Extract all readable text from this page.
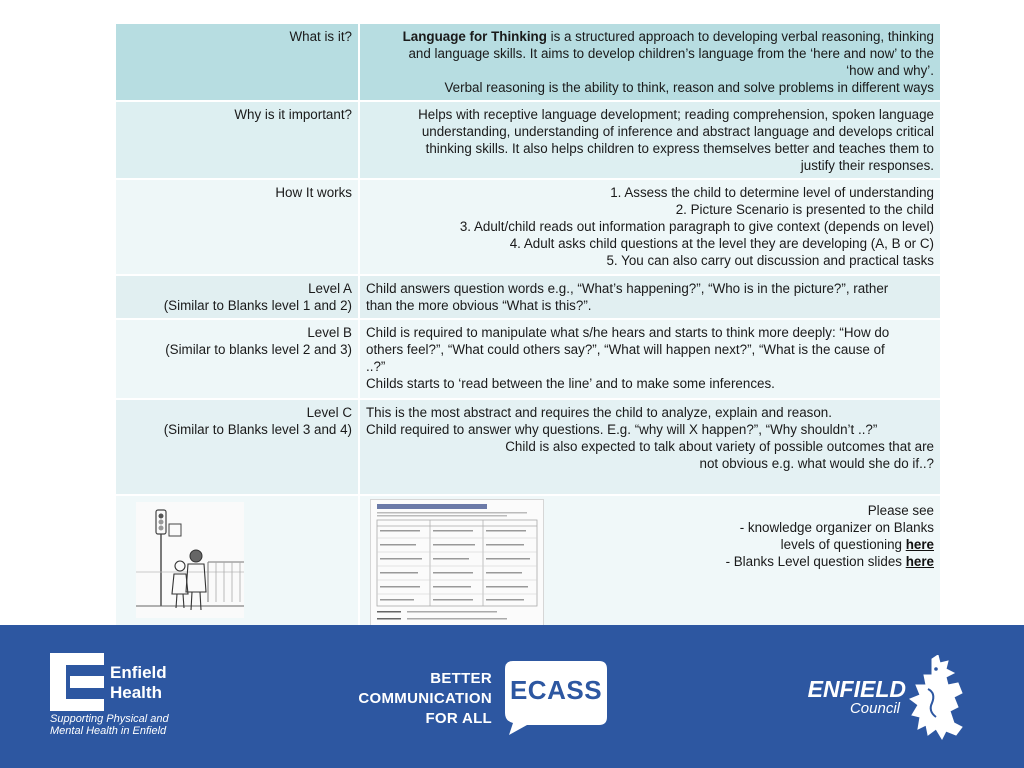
What is it?	Language for Thinking is a structured approach to developing verbal reasoning, thinking
and language skills. It aims to develop children’s language from the ‘here and now’ to the
‘how and why’.
Verbal reasoning is the ability to think, reason and solve problems in different ways

Why is it important?	Helps with receptive language development; reading comprehension, spoken language
understanding, understanding of inference and abstract language and develops critical
thinking skills. It also helps children to express themselves better and teaches them to
justify their responses.

How It works	1. Assess the child to determine level of understanding
2. Picture Scenario is presented to the child
3. Adult/child reads out information paragraph to give context (depends on level)
4. Adult asks child questions at the level they are developing (A, B or C)
5. You can also carry out discussion and practical tasks

Level A
(Similar to Blanks level 1 and 2)	Child answers question words e.g., “What’s happening?”, “Who is in the picture?”, rather
than the more obvious “What is this?”.

Level B
(Similar to blanks level 2 and 3)	Child is required to manipulate what s/he hears and starts to think more deeply: “How do
others feel?”, “What could others say?”, “What will happen next?”, “What is the cause of
..?”
Childs starts to ‘read between the line’ and to make some inferences.

Level C
(Similar to Blanks level 3 and 4)	This is the most abstract and requires the child to analyze, explain and reason.
Child required to answer why questions. E.g. “why will X happen?”, “Why shouldn’t ..?”
Child is also expected to talk about variety of possible outcomes that are
not obvious e.g. what would she do if..?

Please see
- knowledge organizer on Blanks
levels of questioning here
- Blanks Level question slides here
Enfield
Health
Supporting Physical and
Mental Health in Enfield
BETTER
COMMUNICATION
FOR ALL
ECASS	ENFIELD
Council
